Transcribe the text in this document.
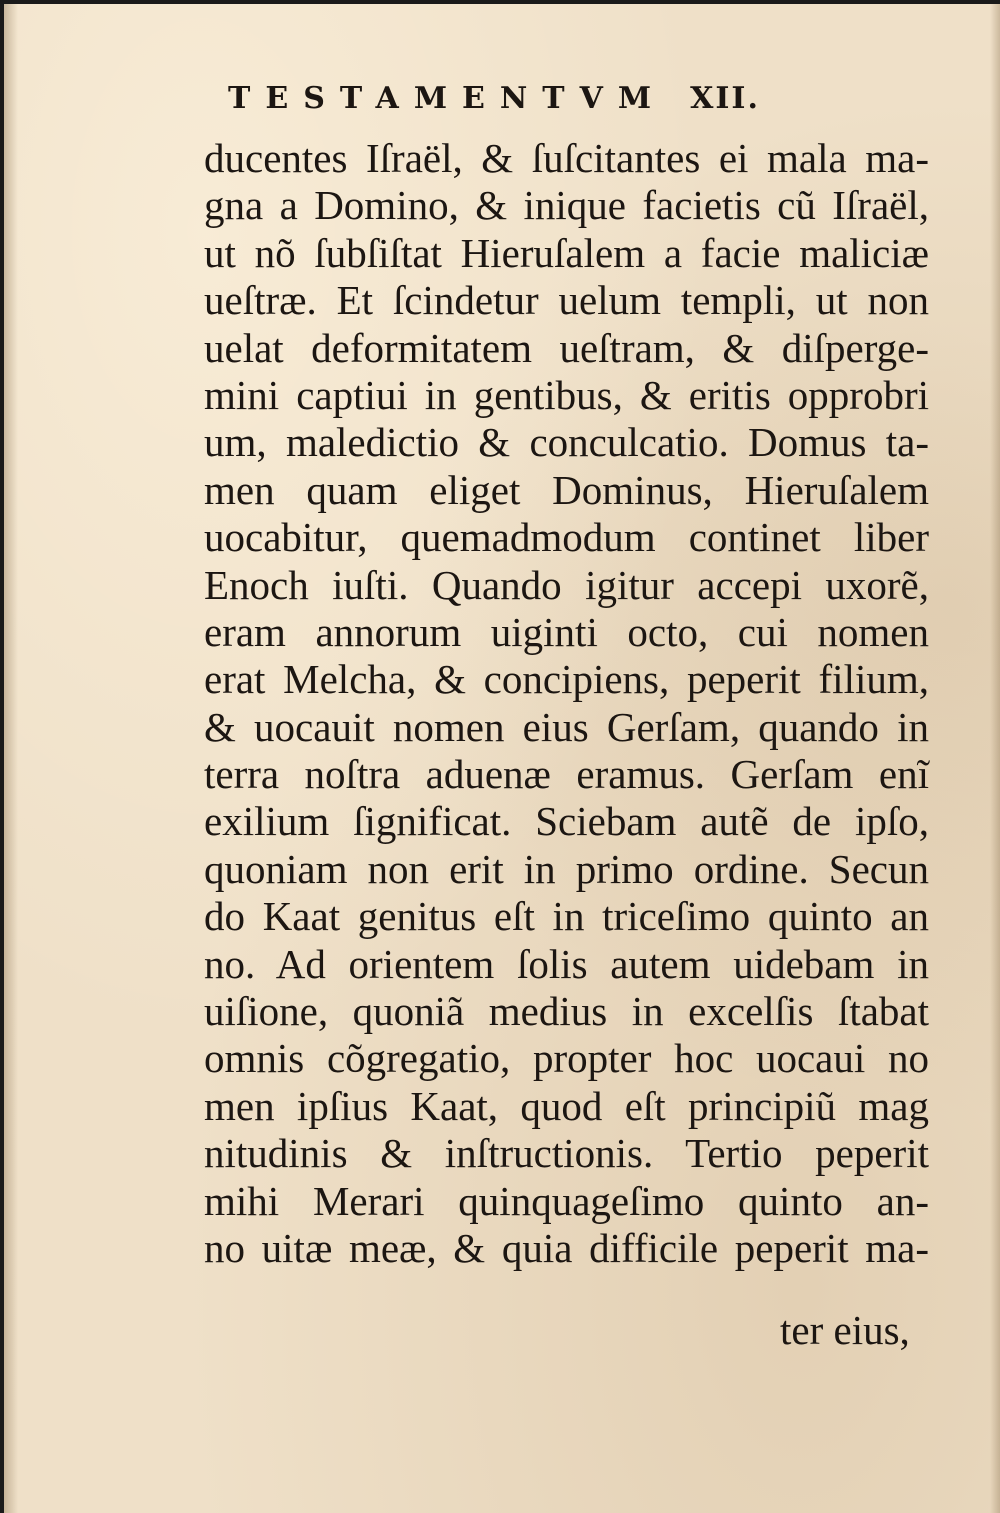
TESTAMENTVM XII.
ducentes Iſraël, & ſuſcitantes ei mala ma-
gna a Domino, & inique facietis cũ Iſraël,
ut nõ ſubſiſtat Hieruſalem a facie maliciæ
ueſtræ. Et ſcindetur uelum templi, ut non
uelat deformitatem ueſtram, & diſperge-
mini captiui in gentibus, & eritis opprobri
um, maledictio & conculcatio. Domus ta-
men quam eliget Dominus, Hieruſalem
uocabitur, quemadmodum continet liber
Enoch iuſti. Quando igitur accepi uxorẽ,
eram annorum uiginti octo, cui nomen
erat Melcha, & concipiens, peperit filium,
& uocauit nomen eius Gerſam, quando in
terra noſtra aduenæ eramus. Gerſam enĩ
exilium ſignificat. Sciebam autẽ de ipſo,
quoniam non erit in primo ordine. Secun
do Kaat genitus eſt in triceſimo quinto an
no. Ad orientem ſolis autem uidebam in
uiſione, quoniã medius in excelſis ſtabat
omnis cõgregatio, propter hoc uocaui no
men ipſius Kaat, quod eſt principiũ mag
nitudinis & inſtructionis. Tertio peperit
mihi Merari quinquageſimo quinto an-
no uitæ meæ, & quia difficile peperit ma-
ter eius,
